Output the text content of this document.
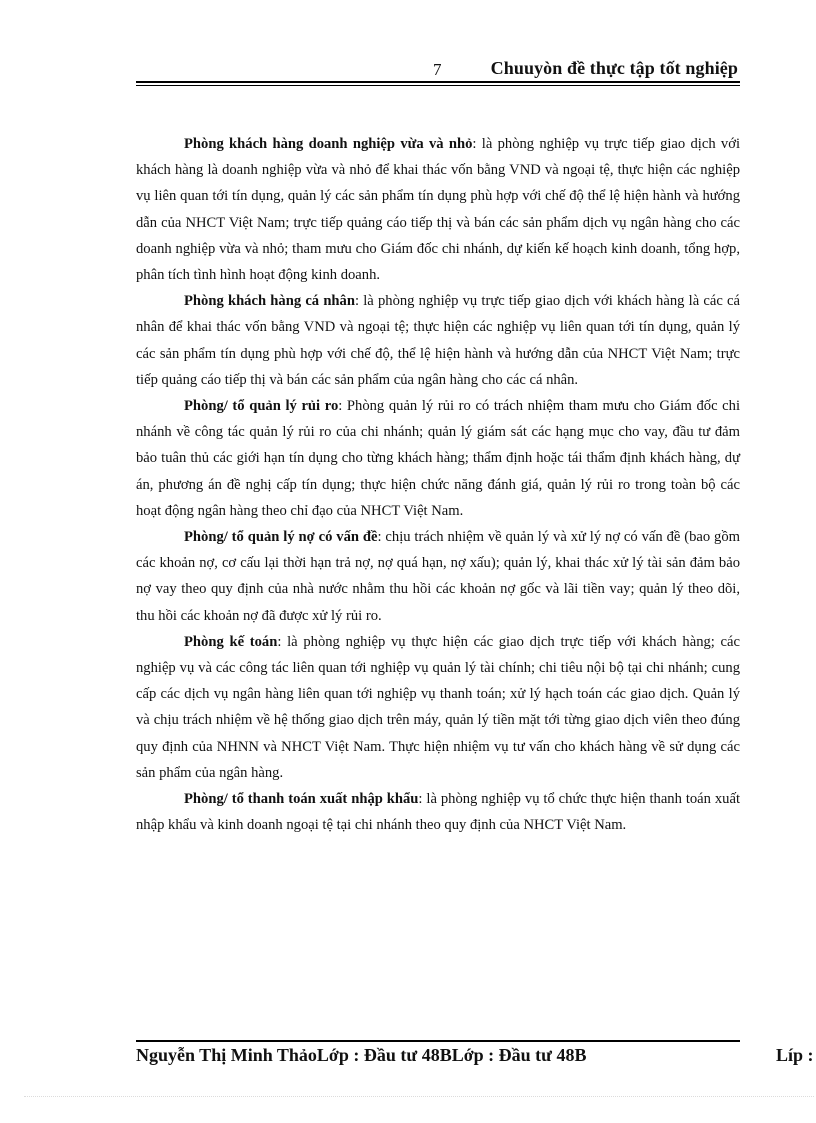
7	Chuuyòn đề thực tập tốt nghiệp

Phòng khách hàng doanh nghiệp vừa và nhỏ: là phòng nghiệp vụ trực tiếp giao dịch với khách hàng là doanh nghiệp vừa và nhỏ để khai thác vốn bằng VND và ngoại tệ, thực hiện các nghiệp vụ liên quan tới tín dụng, quản lý các sản phẩm tín dụng phù hợp với chế độ thể lệ hiện hành và hướng dẫn của NHCT Việt Nam; trực tiếp quảng cáo tiếp thị và bán các sản phẩm dịch vụ ngân hàng cho các doanh nghiệp vừa và nhỏ; tham mưu cho Giám đốc chi nhánh, dự kiến kế hoạch kinh doanh, tổng hợp, phân tích tình hình hoạt động kinh doanh.

Phòng khách hàng cá nhân: là phòng nghiệp vụ trực tiếp giao dịch với khách hàng là các cá nhân để khai thác vốn bằng VND và ngoại tệ; thực hiện các nghiệp vụ liên quan tới tín dụng, quản lý các sản phẩm tín dụng phù hợp với chế độ, thể lệ hiện hành và hướng dẫn của NHCT Việt Nam; trực tiếp quảng cáo tiếp thị và bán các sản phẩm của ngân hàng cho các cá nhân.

Phòng/ tổ quản lý rủi ro: Phòng quản lý rủi ro có trách nhiệm tham mưu cho Giám đốc chi nhánh về công tác quản lý rủi ro của chi nhánh; quản lý giám sát các hạng mục cho vay, đầu tư đảm bảo tuân thủ các giới hạn tín dụng cho từng khách hàng; thẩm định hoặc tái thẩm định khách hàng, dự án, phương án đề nghị cấp tín dụng; thực hiện chức năng đánh giá, quản lý rủi ro trong toàn bộ các hoạt động ngân hàng theo chỉ đạo của NHCT Việt Nam.

Phòng/ tổ quản lý nợ có vấn đề: chịu trách nhiệm về quản lý và xử lý nợ có vấn đề (bao gồm các khoản nợ, cơ cấu lại thời hạn trả nợ, nợ quá hạn, nợ xấu); quản lý, khai thác xử lý tài sản đảm bảo nợ vay theo quy định của nhà nước nhằm thu hồi các khoản nợ gốc và lãi tiền vay; quản lý theo dõi, thu hồi các khoản nợ đã được xử lý rủi ro.

Phòng kế toán: là phòng nghiệp vụ thực hiện các giao dịch trực tiếp với khách hàng; các nghiệp vụ và các công tác liên quan tới nghiệp vụ quản lý tài chính; chi tiêu nội bộ tại chi nhánh; cung cấp các dịch vụ ngân hàng liên quan tới nghiệp vụ thanh toán; xử lý hạch toán các giao dịch. Quản lý và chịu trách nhiệm về hệ thống giao dịch trên máy, quản lý tiền mặt tới từng giao dịch viên theo đúng quy định của NHNN và NHCT Việt Nam. Thực hiện nhiệm vụ tư vấn cho khách hàng về sử dụng các sản phẩm của ngân hàng.

Phòng/ tổ thanh toán xuất nhập khẩu: là phòng nghiệp vụ tổ chức thực hiện thanh toán xuất nhập khẩu và kinh doanh ngoại tệ tại chi nhánh theo quy định của NHCT Việt Nam.

Nguyễn Thị Minh ThảoLớp : Đầu tư 48BLớp : Đầu tư 48B	Líp :
